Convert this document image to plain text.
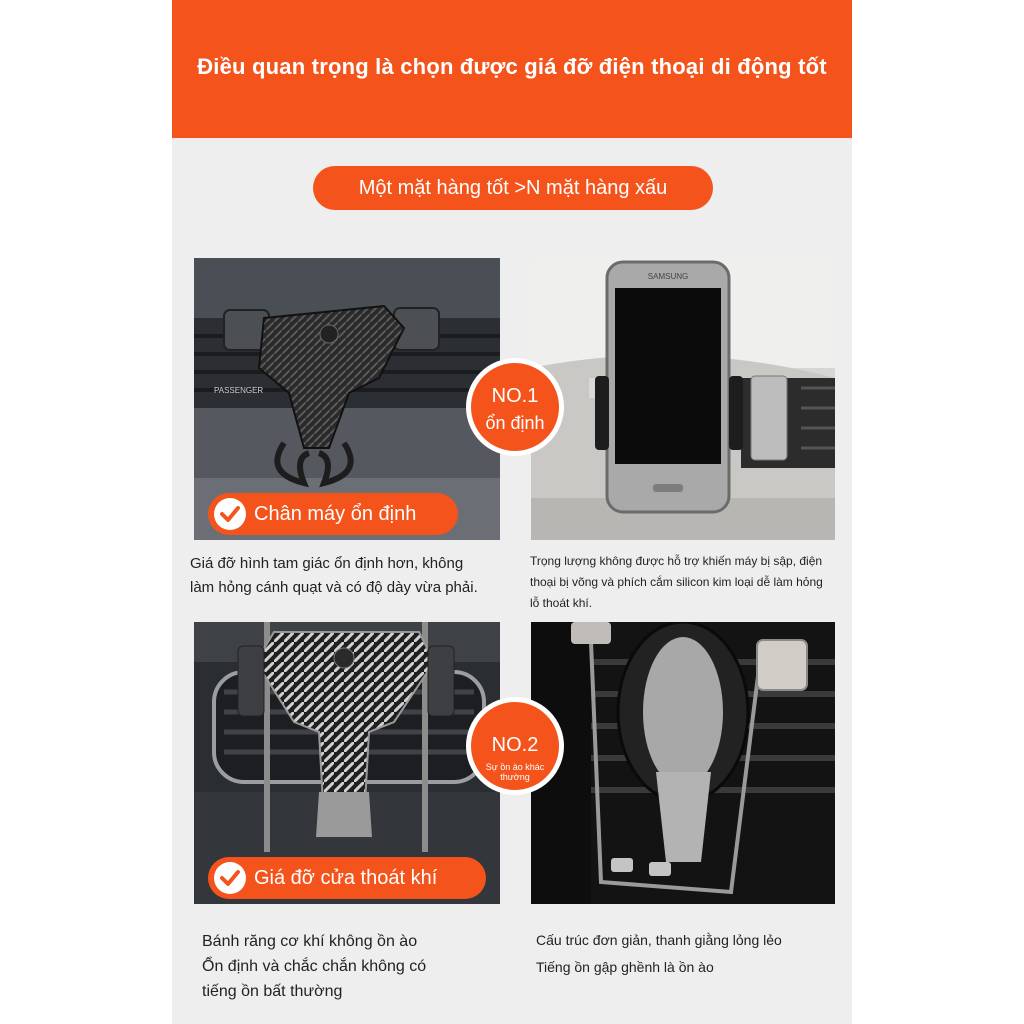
Điều quan trọng là chọn được giá đỡ điện thoại di động tốt
Một mặt hàng tốt >N mặt hàng xấu
PASSENGER
SAMSUNG
NO.1
ổn định
Chân máy ổn định
Giá đỡ hình tam giác ổn định hơn, không
làm hỏng cánh quạt và có độ dày vừa phải.
Trọng lượng không được hỗ trợ khiến máy bị sập, điện
thoại bị võng và phích cắm silicon kim loại dễ làm hỏng
lỗ thoát khí.
NO.2
Sự ồn ào khác thường
Giá đỡ cửa thoát khí
Bánh răng cơ khí không ồn ào
Ổn định và chắc chắn không có
tiếng ồn bất thường
Cấu trúc đơn giản, thanh giằng lỏng lẻo
Tiếng ồn gập ghềnh là ồn ào
